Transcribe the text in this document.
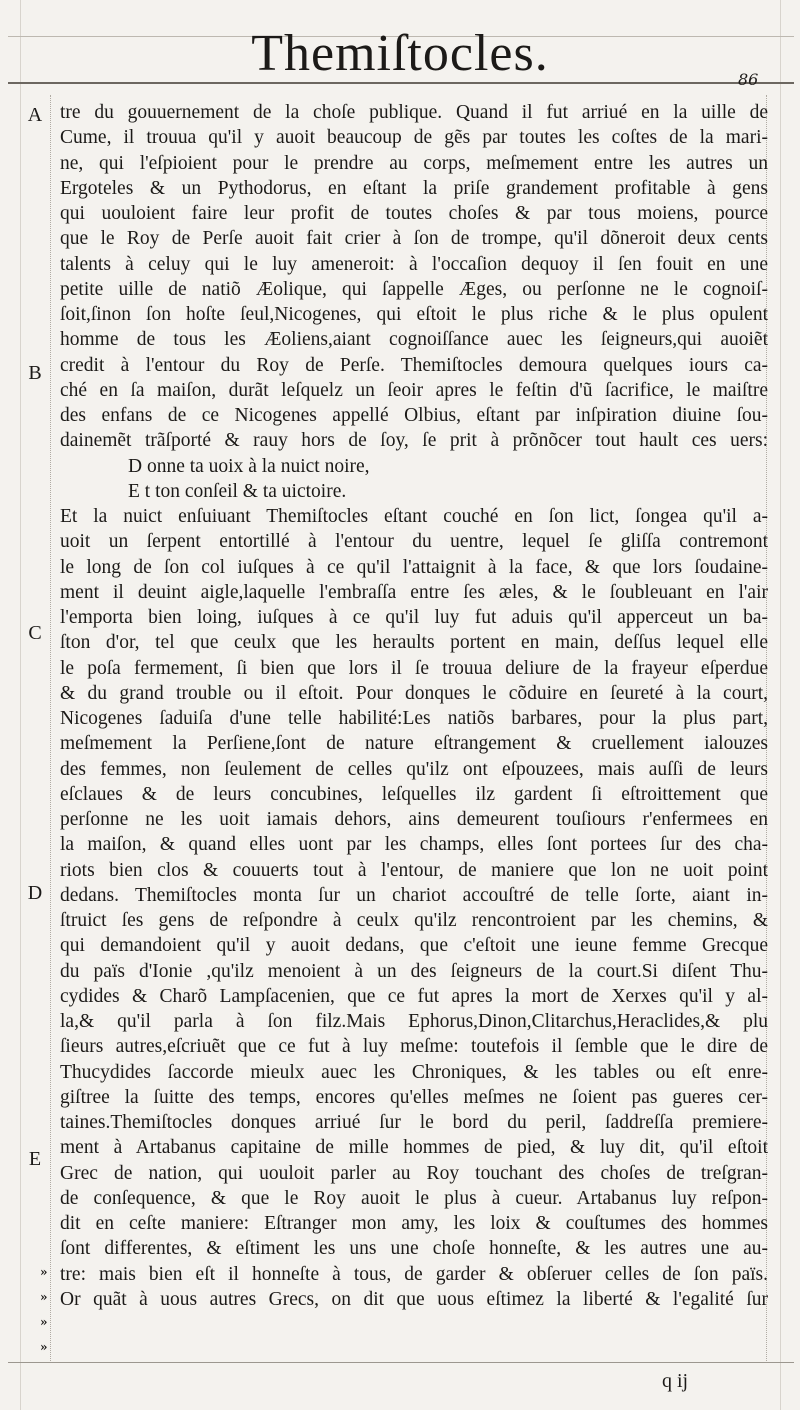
Themiſtocles.	86
A
B
C
D
E
»
»
»
»
tre du gouuernement de la choſe publique. Quand il fut arriué en la uille de
Cume, il trouua qu'il y auoit beaucoup de gẽs par toutes les coſtes de la mari-
ne, qui l'eſpioient pour le prendre au corps, meſmement entre les autres un
Ergoteles & un Pythodorus, en eſtant la priſe grandement profitable à gens
qui uouloient faire leur profit de toutes choſes & par tous moiens, pource
que le Roy de Perſe auoit fait crier à ſon de trompe, qu'il dõneroit deux cents
talents à celuy qui le luy ameneroit: à l'occaſion dequoy il ſen fouit en une
petite uille de natiõ Æolique, qui ſappelle Æges, ou perſonne ne le cognoiſ-
ſoit,ſinon ſon hoſte ſeul,Nicogenes, qui eſtoit le plus riche & le plus opulent
homme de tous les Æoliens,aiant cognoiſſance auec les ſeigneurs,qui auoiẽt
credit à l'entour du Roy de Perſe. Themiſtocles demoura quelques iours ca-
ché en ſa maiſon, durãt leſquelz un ſeoir apres le feſtin d'ũ ſacrifice, le maiſtre
des enfans de ce Nicogenes appellé Olbius, eſtant par inſpiration diuine ſou-
dainemẽt trãſporté & rauy hors de ſoy, ſe prit à prõnõcer tout hault ces uers:
D onne ta uoix à la nuict noire,
E t ton conſeil & ta uictoire.
Et la nuict enſuiuant Themiſtocles eſtant couché en ſon lict, ſongea qu'il a-
uoit un ſerpent entortillé à l'entour du uentre, lequel ſe gliſſa contremont
le long de ſon col iuſques à ce qu'il l'attaignit à la face, & que lors ſoudaine-
ment il deuint aigle,laquelle l'embraſſa entre ſes æles, & le ſoubleuant en l'air
l'emporta bien loing, iuſques à ce qu'il luy fut aduis qu'il apperceut un ba-
ſton d'or, tel que ceulx que les heraults portent en main, deſſus lequel elle
le poſa fermement, ſi bien que lors il ſe trouua deliure de la frayeur eſperdue
& du grand trouble ou il eſtoit. Pour donques le cõduire en ſeureté à la court,
Nicogenes ſaduiſa d'une telle habilité:Les natiõs barbares, pour la plus part,
meſmement la Perſiene,ſont de nature eſtrangement & cruellement ialouzes
des femmes, non ſeulement de celles qu'ilz ont eſpouzees, mais auſſi de leurs
eſclaues & de leurs concubines, leſquelles ilz gardent ſi eſtroittement que
perſonne ne les uoit iamais dehors, ains demeurent touſiours r'enfermees en
la maiſon, & quand elles uont par les champs, elles ſont portees ſur des cha-
riots bien clos & couuerts tout à l'entour, de maniere que lon ne uoit point
dedans. Themiſtocles monta ſur un chariot accouſtré de telle ſorte, aiant in-
ſtruict ſes gens de reſpondre à ceulx qu'ilz rencontroient par les chemins, &
qui demandoient qu'il y auoit dedans, que c'eſtoit une ieune femme Grecque
du païs d'Ionie ,qu'ilz menoient à un des ſeigneurs de la court.Si diſent Thu-
cydides & Charõ Lampſacenien, que ce fut apres la mort de Xerxes qu'il y al-
la,& qu'il parla à ſon filz.Mais Ephorus,Dinon,Clitarchus,Heraclides,& plu
ſieurs autres,eſcriuẽt que ce fut à luy meſme: toutefois il ſemble que le dire de
Thucydides ſaccorde mieulx auec les Chroniques, & les tables ou eſt enre-
giſtree la ſuitte des temps, encores qu'elles meſmes ne ſoient pas gueres cer-
taines.Themiſtocles donques arriué ſur le bord du peril, ſaddreſſa premiere-
ment à Artabanus capitaine de mille hommes de pied, & luy dit, qu'il eſtoit
Grec de nation, qui uouloit parler au Roy touchant des choſes de treſgran-
de conſequence, & que le Roy auoit le plus à cueur. Artabanus luy reſpon-
dit en ceſte maniere: Eſtranger mon amy, les loix & couſtumes des hommes
ſont differentes, & eſtiment les uns une choſe honneſte, & les autres une au-
tre: mais bien eſt il honneſte à tous, de garder & obſeruer celles de ſon païs.
Or quãt à uous autres Grecs, on dit que uous eſtimez la liberté & l'egalité ſur
q ij
